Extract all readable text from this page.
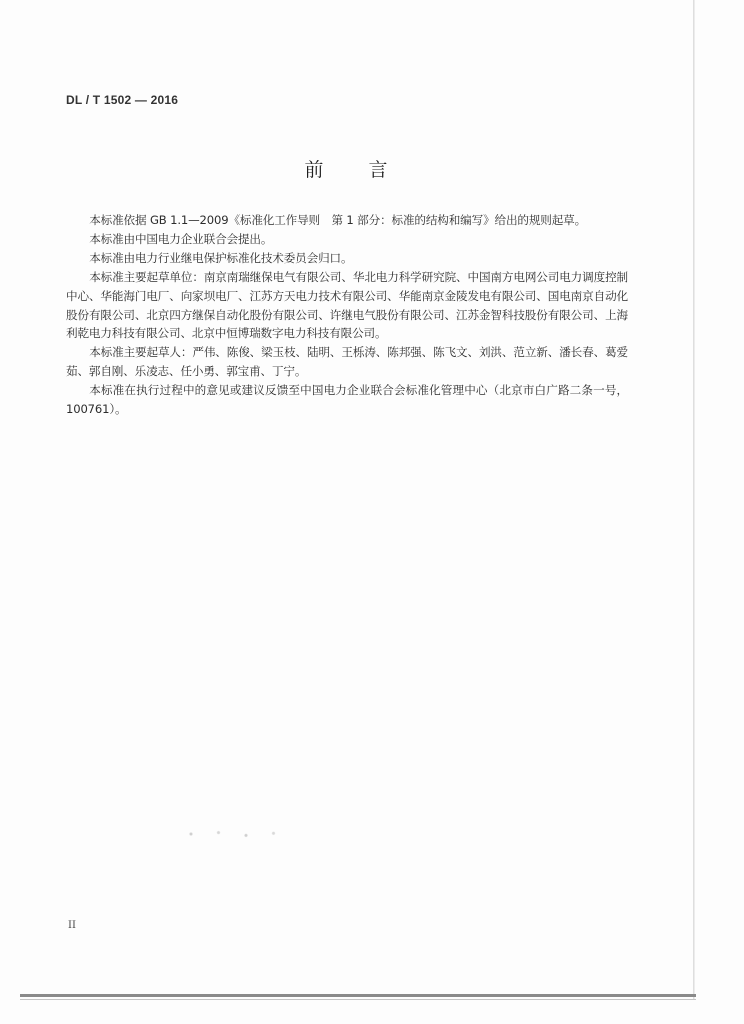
DL / T 1502 — 2016
前言

本标准依据 GB 1.1—2009《标准化工作导则　第 1 部分：标准的结构和编写》给出的规则起草。

本标准由中国电力企业联合会提出。

本标准由电力行业继电保护标准化技术委员会归口。

本标准主要起草单位：南京南瑞继保电气有限公司、华北电力科学研究院、中国南方电网公司电力调度控制中心、华能海门电厂、向家坝电厂、江苏方天电力技术有限公司、华能南京金陵发电有限公司、国电南京自动化股份有限公司、北京四方继保自动化股份有限公司、许继电气股份有限公司、江苏金智科技股份有限公司、上海利乾电力科技有限公司、北京中恒博瑞数字电力科技有限公司。

本标准主要起草人：严伟、陈俊、梁玉枝、陆明、王栎涛、陈邦强、陈飞文、刘洪、范立新、潘长春、葛爱茹、郭自刚、乐凌志、任小勇、郭宝甫、丁宁。

本标准在执行过程中的意见或建议反馈至中国电力企业联合会标准化管理中心（北京市白广路二条一号，100761）。

II
